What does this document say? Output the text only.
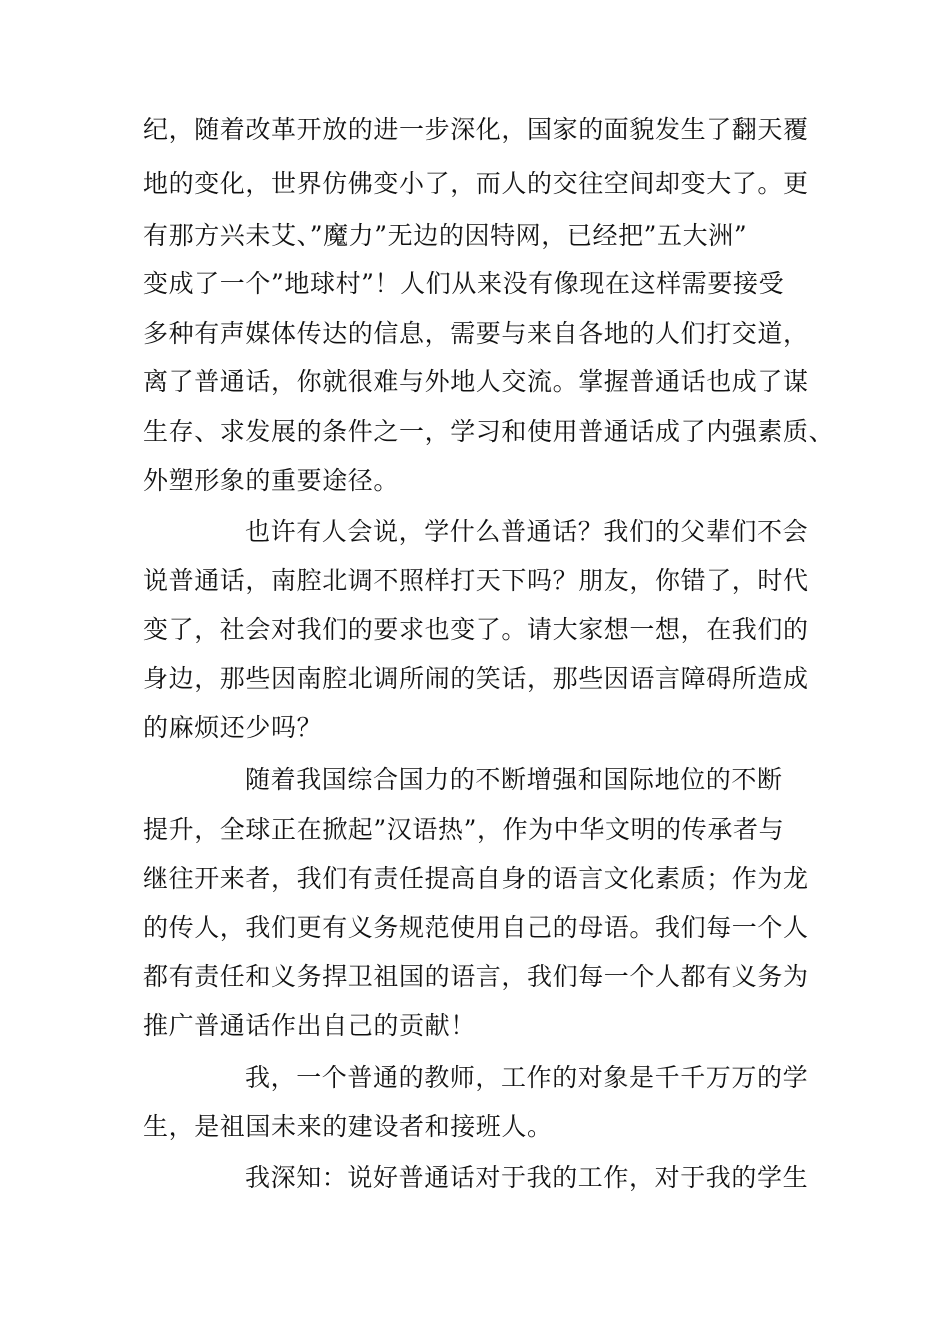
纪，随着改革开放的进一步深化，国家的面貌发生了翻天覆
地的变化，世界仿佛变小了，而人的交往空间却变大了。更
有那方兴未艾、”魔力”无边的因特网，已经把”五大洲”
变成了一个”地球村”！人们从来没有像现在这样需要接受
多种有声媒体传达的信息，需要与来自各地的人们打交道，
离了普通话，你就很难与外地人交流。掌握普通话也成了谋
生存、求发展的条件之一，学习和使用普通话成了内强素质、
外塑形象的重要途径。
也许有人会说，学什么普通话？我们的父辈们不会
说普通话，南腔北调不照样打天下吗？朋友，你错了，时代
变了，社会对我们的要求也变了。请大家想一想，在我们的
身边，那些因南腔北调所闹的笑话，那些因语言障碍所造成
的麻烦还少吗？
随着我国综合国力的不断增强和国际地位的不断
提升，全球正在掀起”汉语热”，作为中华文明的传承者与
继往开来者，我们有责任提高自身的语言文化素质；作为龙
的传人，我们更有义务规范使用自己的母语。我们每一个人
都有责任和义务捍卫祖国的语言，我们每一个人都有义务为
推广普通话作出自己的贡献！
我，一个普通的教师，工作的对象是千千万万的学
生，是祖国未来的建设者和接班人。
我深知：说好普通话对于我的工作，对于我的学生
